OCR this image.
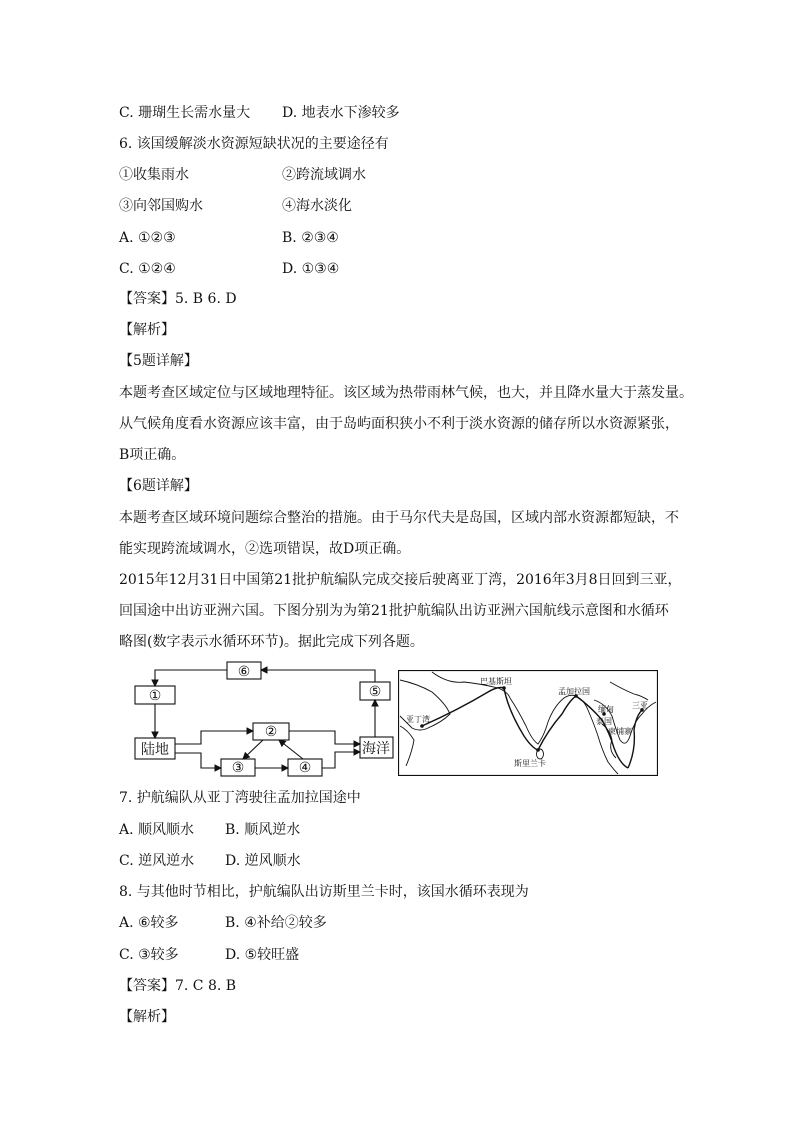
C. 珊瑚生长需水量大 D. 地表水下渗较多
6. 该国缓解淡水资源短缺状况的主要途径有
①收集雨水	②跨流域调水
③向邻国购水	④海水淡化
A. ①②③	B. ②③④
C. ①②④	D. ①③④
【答案】5. B 6. D
【解析】
【5题详解】
本题考查区域定位与区域地理特征。该区域为热带雨林气候，也大，并且降水量大于蒸发量。
从气候角度看水资源应该丰富，由于岛屿面积狭小不利于淡水资源的储存所以水资源紧张，
B项正确。
【6题详解】
本题考查区域环境问题综合整治的措施。由于马尔代夫是岛国，区域内部水资源都短缺，不
能实现跨流域调水，②选项错误，故D项正确。
2015年12月31日中国第21批护航编队完成交接后驶离亚丁湾，2016年3月8日回到三亚，
回国途中出访亚洲六国。下图分别为为第21批护航编队出访亚洲六国航线示意图和水循环
略图(数字表示水循环环节)。据此完成下列各题。
①
⑥
⑤
陆地
②
③	④
海洋
巴基斯坦
孟加拉国
缅甸 三亚
亚丁湾	泰国
柬埔寨
斯里兰卡
7. 护航编队从亚丁湾驶往孟加拉国途中
A. 顺风顺水 B. 顺风逆水
C. 逆风逆水 D. 逆风顺水
8. 与其他时节相比，护航编队出访斯里兰卡时，该国水循环表现为
A. ⑥较多	B. ④补给②较多
C. ③较多	D. ⑤较旺盛
【答案】7. C 8. B
【解析】
